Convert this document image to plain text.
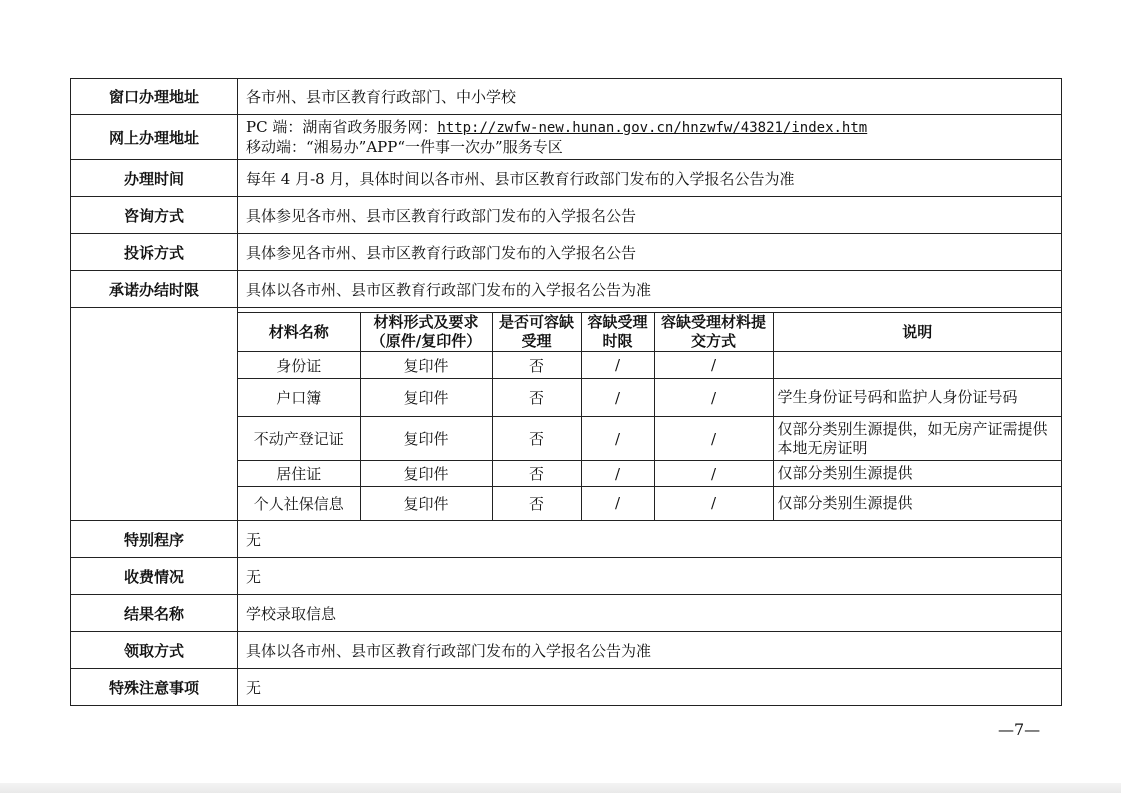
窗口办理地址	各市州、县市区教育行政部门、中小学校
网上办理地址	
PC 端：湖南省政务服务网：http://zwfw-new.hunan.gov.cn/hnzwfw/43821/index.htm
移动端：“湘易办”APP“一件事一次办”服务专区

办理时间	每年 4 月-8 月，具体时间以各市州、县市区教育行政部门发布的入学报名公告为准
咨询方式	具体参见各市州、县市区教育行政部门发布的入学报名公告
投诉方式	具体参见各市州、县市区教育行政部门发布的入学报名公告
承诺办结时限	具体以各市州、县市区教育行政部门发布的入学报名公告为准

材料名称	材料形式及要求（原件/复印件）	是否可容缺受理	容缺受理时限	容缺受理材料提交方式	说明
身份证	复印件	否	/	/	
户口簿	复印件	否	/	/	学生身份证号码和监护人身份证号码
不动产登记证	复印件	否	/	/	仅部分类别生源提供，如无房产证需提供本地无房证明
居住证	复印件	否	/	/	仅部分类别生源提供
个人社保信息	复印件	否	/	/	仅部分类别生源提供

特别程序	无
收费情况	无
结果名称	学校录取信息
领取方式	具体以各市州、县市区教育行政部门发布的入学报名公告为准
特殊注意事项	无
—7—
